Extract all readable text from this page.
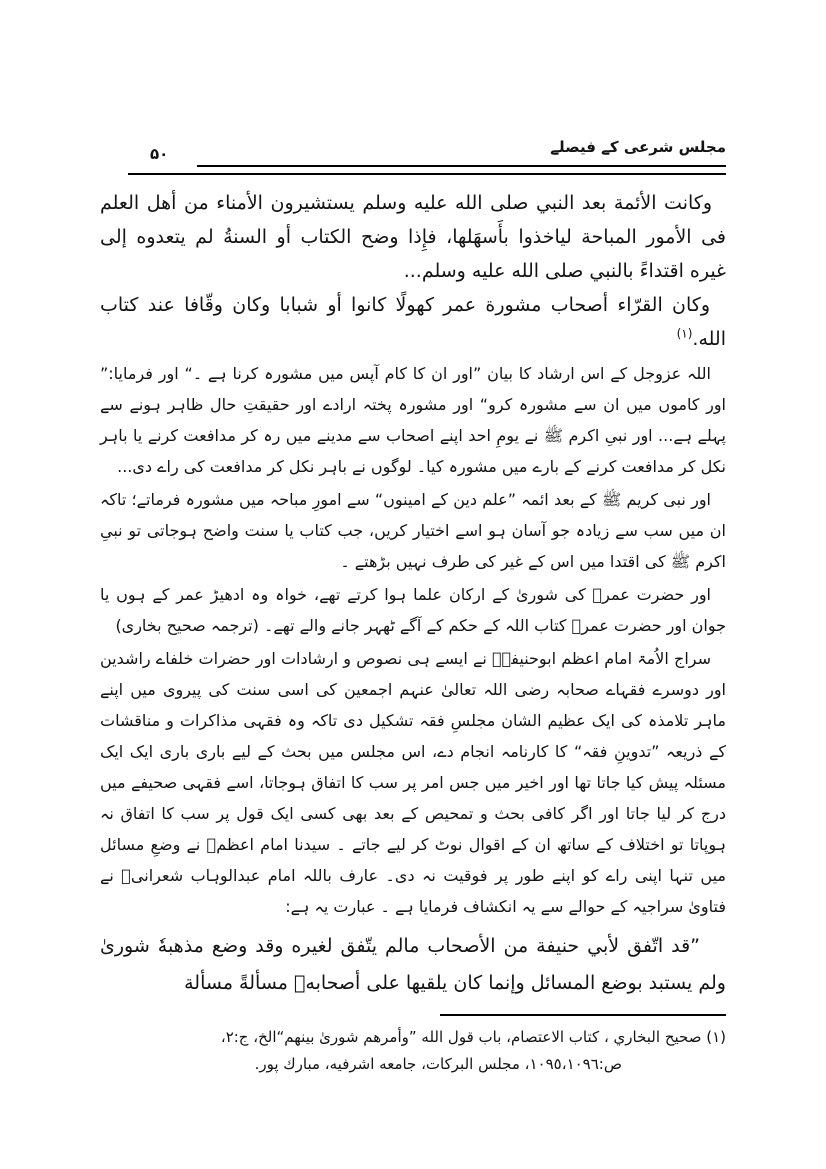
۵۰	مجلس شرعی کے فیصلے

وكانت الأئمة بعد النبي صلى الله عليه وسلم يستشيرون الأمناء من أهل العلم فى الأمور المباحة لياخذوا بأَسهَلها، فإِذا وضح الكتاب أو السنةُ لم يتعدوه إلى غيره اقتداءً بالنبي صلى الله عليه وسلم...

وكان القرّاء أصحاب مشورة عمر كهولًا كانوا أو شبابا وكان وقّافا عند كتاب الله.$^{(١)}$

اللہ عزوجل کے اس ارشاد کا بیان ”اور ان کا کام آپس میں مشورہ کرنا ہے ۔“ اور فرمایا:” اور کاموں میں ان سے مشورہ کرو“ اور مشورہ پختہ ارادے اور حقیقتِ حال ظاہر ہونے سے پہلے ہے... اور نبیِ اکرم ﷺ نے یومِ احد اپنے اصحاب سے مدینے میں رہ کر مدافعت کرنے یا باہر نکل کر مدافعت کرنے کے بارے میں مشورہ کیا۔ لوگوں نے باہر نکل کر مدافعت کی راے دی...

اور نبی کریم ﷺ کے بعد ائمہ ”علم دین کے امینوں“ سے امورِ مباحہ میں مشورہ فرماتے؛ تاکہ ان میں سب سے زیادہ جو آسان ہو اسے اختیار کریں، جب کتاب یا سنت واضح ہوجاتی تو نبیِ اکرم ﷺ کی اقتدا میں اس کے غیر کی طرف نہیں بڑھتے ۔

اور حضرت عمرؓ کی شوریٰ کے ارکان علما ہوا کرتے تھے، خواہ وہ ادھیڑ عمر کے ہوں یا جوان اور حضرت عمرؓ کتاب اللہ کے حکم کے آگے ٹھہر جانے والے تھے۔ (ترجمہ صحیح بخاری)

سراج الاُمۃ امام اعظم ابوحنیفہؒ نے ایسے ہی نصوص و ارشادات اور حضرات خلفاے راشدین اور دوسرے فقہاے صحابہ رضی اللہ تعالیٰ عنہم اجمعین کی اسی سنت کی پیروی میں اپنے ماہر تلامذہ کی ایک عظیم الشان مجلسِ فقہ تشکیل دی تاکہ وہ فقہی مذاکرات و مناقشات کے ذریعہ ”تدوینِ فقہ“ کا کارنامہ انجام دے، اس مجلس میں بحث کے لیے باری باری ایک ایک مسئلہ پیش کیا جاتا تھا اور اخیر میں جس امر پر سب کا اتفاق ہوجاتا، اسے فقہی صحیفے میں درج کر لیا جاتا اور اگر کافی بحث و تمحیص کے بعد بھی کسی ایک قول پر سب کا اتفاق نہ ہوپاتا تو اختلاف کے ساتھ ان کے اقوال نوٹ کر لیے جاتے ۔ سیدنا امام اعظمؒ نے وضعِ مسائل میں تنہا اپنی راے کو اپنے طور پر فوقیت نہ دی۔ عارف باللہ امام عبدالوہاب شعرانیؒ نے فتاویٰ سراجیہ کے حوالے سے یہ انکشاف فرمایا ہے ۔ عبارت یہ ہے:

”قد اتّفق لأبي حنيفة من الأصحاب مالم يتّفق لغيره وقد وضع مذهبهٗ شورىٰ ولم يستبد بوضع المسائل وإنما كان يلقيها على أصحابهٖ مسألةً مسألة

(١) صحيح البخاري ، كتاب الاعتصام، باب قول الله ”وأمرهم شورىٰ بينهم“الخ، ج:٢،
ص:١٠٩٥،١٠٩٦، مجلس البركات، جامعه اشرفيه، مبارك پور.
